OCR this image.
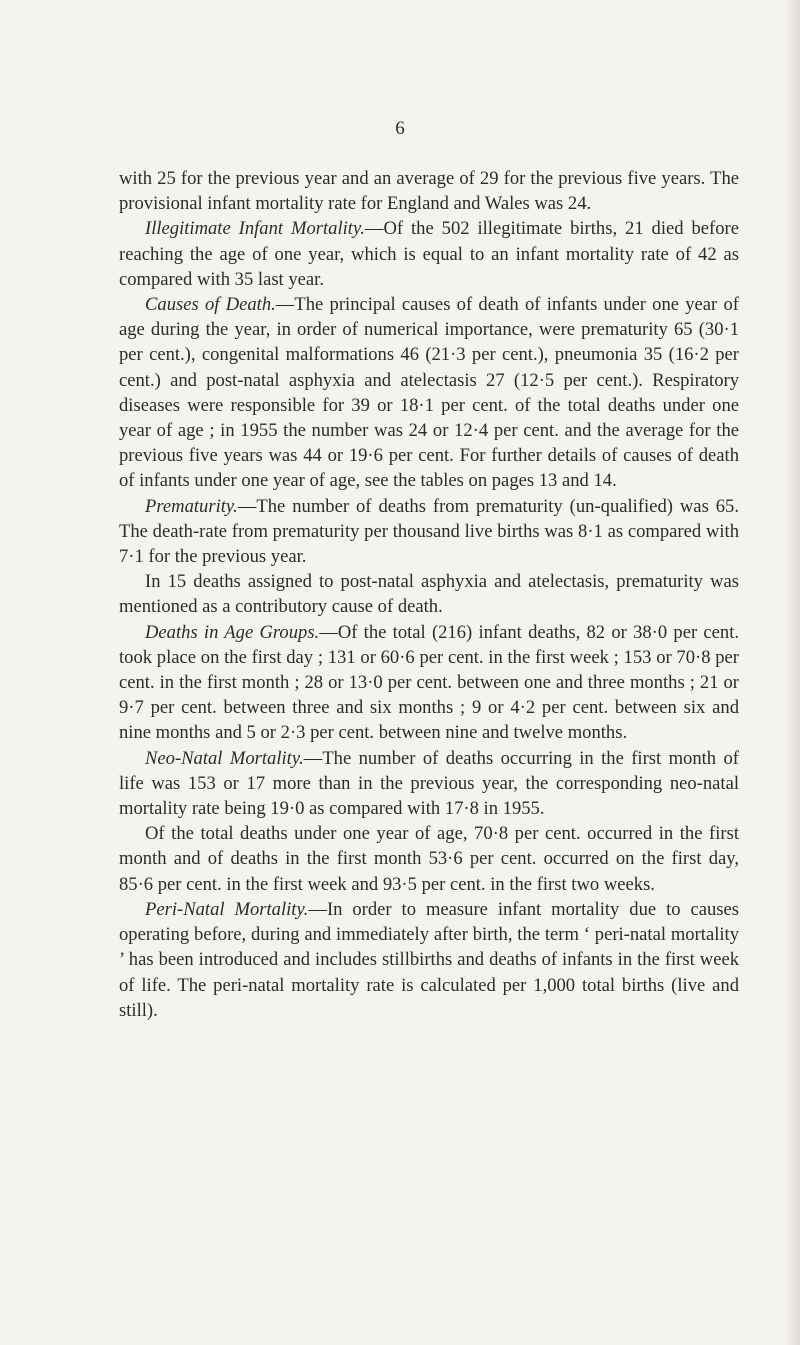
6

with 25 for the previous year and an average of 29 for the previous five years. The provisional infant mortality rate for England and Wales was 24.

Illegitimate Infant Mortality.—Of the 502 illegitimate births, 21 died before reaching the age of one year, which is equal to an infant mortality rate of 42 as compared with 35 last year.

Causes of Death.—The principal causes of death of infants under one year of age during the year, in order of numerical importance, were prematurity 65 (30·1 per cent.), congenital malformations 46 (21·3 per cent.), pneumonia 35 (16·2 per cent.) and post-natal asphyxia and atelectasis 27 (12·5 per cent.). Respiratory diseases were responsible for 39 or 18·1 per cent. of the total deaths under one year of age ; in 1955 the number was 24 or 12·4 per cent. and the average for the previous five years was 44 or 19·6 per cent. For further details of causes of death of infants under one year of age, see the tables on pages 13 and 14.

Prematurity.—The number of deaths from prematurity (un-qualified) was 65. The death-rate from prematurity per thousand live births was 8·1 as compared with 7·1 for the previous year.

In 15 deaths assigned to post-natal asphyxia and atelectasis, prematurity was mentioned as a contributory cause of death.

Deaths in Age Groups.—Of the total (216) infant deaths, 82 or 38·0 per cent. took place on the first day ; 131 or 60·6 per cent. in the first week ; 153 or 70·8 per cent. in the first month ; 28 or 13·0 per cent. between one and three months ; 21 or 9·7 per cent. between three and six months ; 9 or 4·2 per cent. between six and nine months and 5 or 2·3 per cent. between nine and twelve months.

Neo-Natal Mortality.—The number of deaths occurring in the first month of life was 153 or 17 more than in the previous year, the corresponding neo-natal mortality rate being 19·0 as compared with 17·8 in 1955.

Of the total deaths under one year of age, 70·8 per cent. occurred in the first month and of deaths in the first month 53·6 per cent. occurred on the first day, 85·6 per cent. in the first week and 93·5 per cent. in the first two weeks.

Peri-Natal Mortality.—In order to measure infant mortality due to causes operating before, during and immediately after birth, the term ‘ peri-natal mortality ’ has been introduced and includes stillbirths and deaths of infants in the first week of life. The peri-natal mortality rate is calculated per 1,000 total births (live and still).
